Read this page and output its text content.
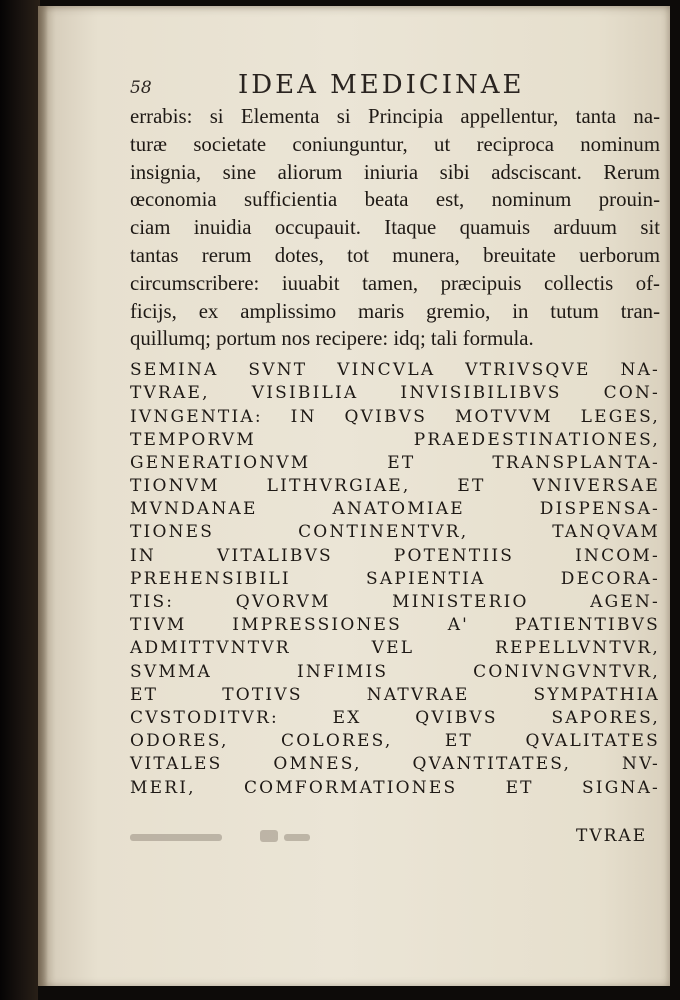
58	IDEA MEDICINAE
errabis: si Elementa si Principia appellentur, tanta na-
turæ societate coniunguntur, ut reciproca nominum
insignia, sine aliorum iniuria sibi adsciscant. Rerum
œconomia sufficientia beata est, nominum prouin-
ciam inuidia occupauit. Itaque quamuis arduum sit
tantas rerum dotes, tot munera, breuitate uerborum
circumscribere: iuuabit tamen, præcipuis collectis of-
ficijs, ex amplissimo maris gremio, in tutum tran-
quillumq; portum nos recipere: idq; tali formula.
SEMINA SVNT VINCVLA VTRIVSQVE NA-
TVRAE, VISIBILIA INVISIBILIBVS CON-
IVNGENTIA: IN QVIBVS MOTVVM LEGES,
TEMPORVM PRAEDESTINATIONES,
GENERATIONVM ET TRANSPLANTA-
TIONVM LITHVRGIAE, ET VNIVERSAE
MVNDANAE ANATOMIAE DISPENSA-
TIONES CONTINENTVR, TANQVAM
IN VITALIBVS POTENTIIS INCOM-
PREHENSIBILI SAPIENTIA DECORA-
TIS: QVORVM MINISTERIO AGEN-
TIVM IMPRESSIONES A' PATIENTIBVS
ADMITTVNTVR VEL REPELLVNTVR,
SVMMA INFIMIS CONIVNGVNTVR,
ET TOTIVS NATVRAE SYMPATHIA
CVSTODITVR: EX QVIBVS SAPORES,
ODORES, COLORES, ET QVALITATES
VITALES OMNES, QVANTITATES, NV-
MERI, COMFORMATIONES ET SIGNA-
TVRAE
